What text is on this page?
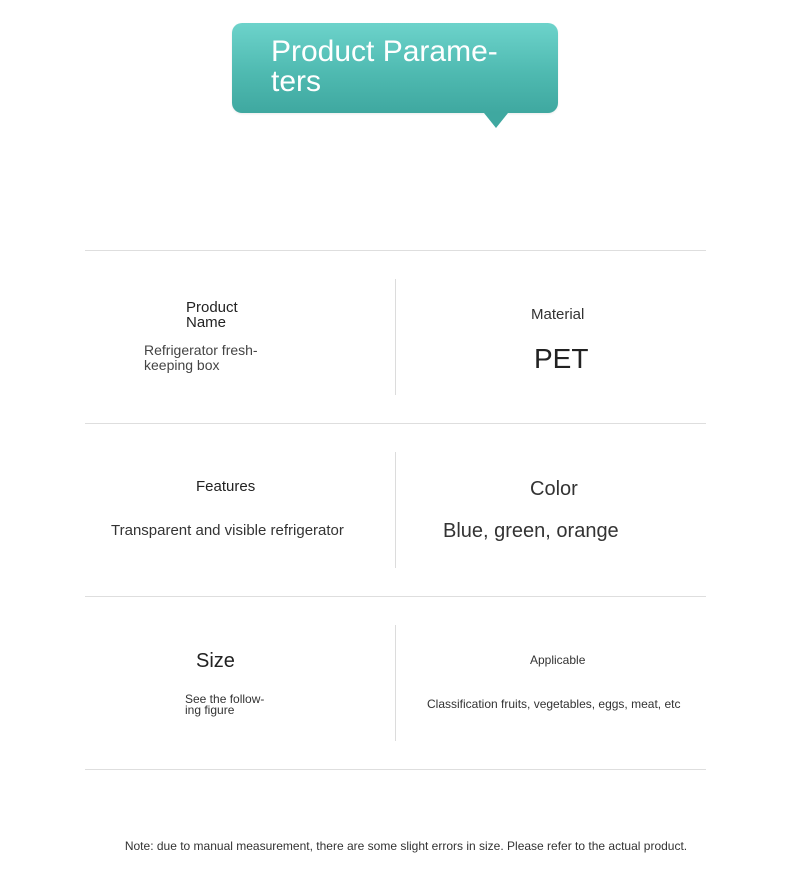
Product Parame-
ters

Product
Name

Refrigerator fresh-
keeping box

Material

PET

Features

Transparent and visible refrigerator

Color

Blue, green, orange

Size

See the follow-
ing figure

Applicable

Classification fruits, vegetables, eggs, meat, etc

Note: due to manual measurement, there are some slight errors in size. Please refer to the actual product.
